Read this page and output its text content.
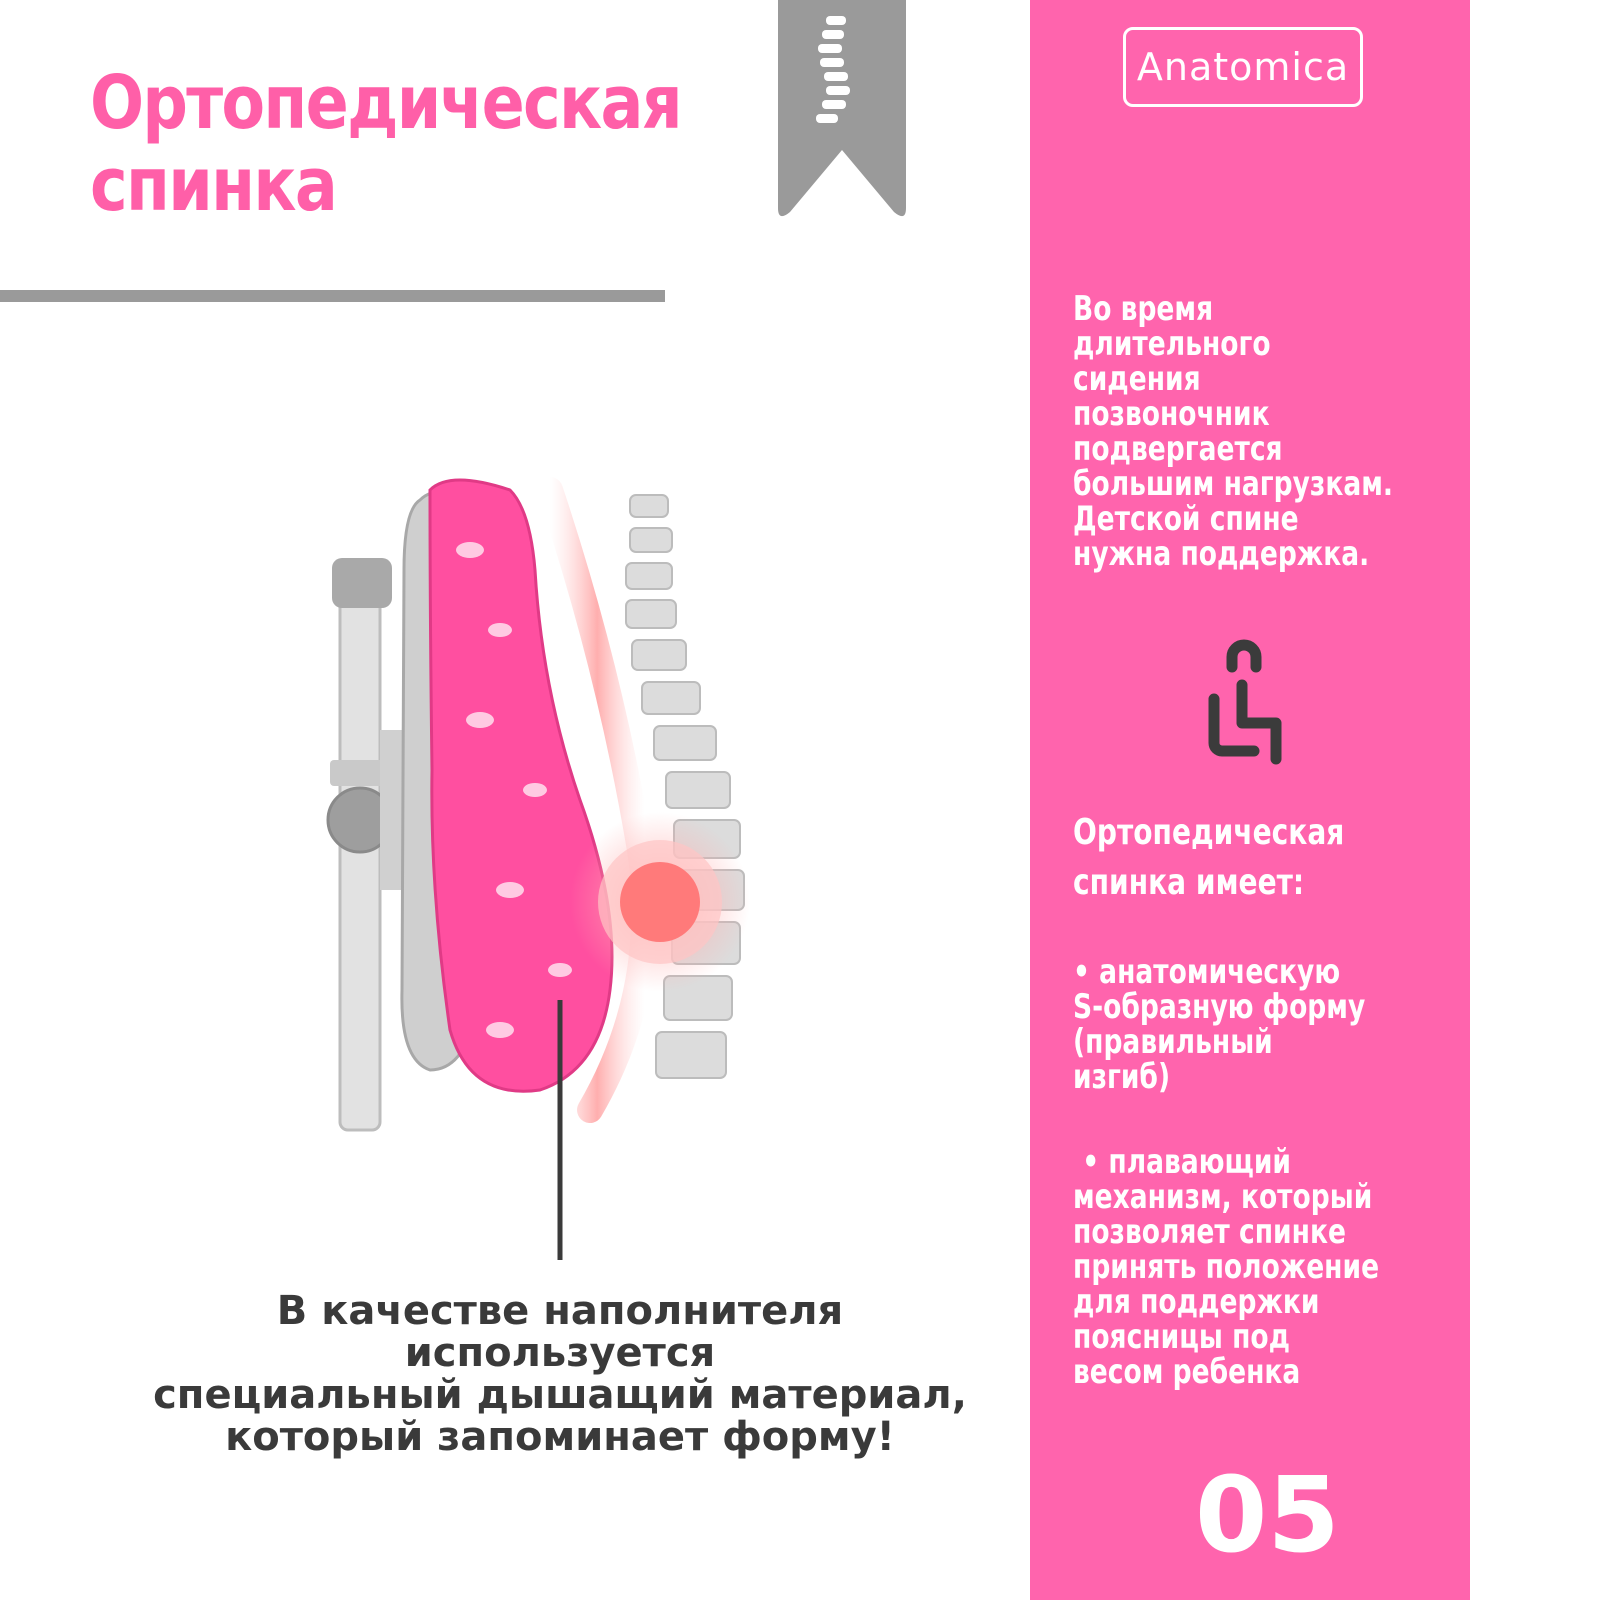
Ортопедическая
спинка
Anatomica

Во время
длительного
сидения
позвоночник
подвергается
большим нагрузкам.
Детской спине
нужна поддержка.

Ортопедическая
спинка имеет:

• анатомическую
S-образную форму
(правильный
изгиб)

• плавающий
механизм, который
позволяет спинке
принять положение
для поддержки
поясницы под
весом ребенка

05

В качестве наполнителя используется
специальный дышащий материал,
который запоминает форму!
